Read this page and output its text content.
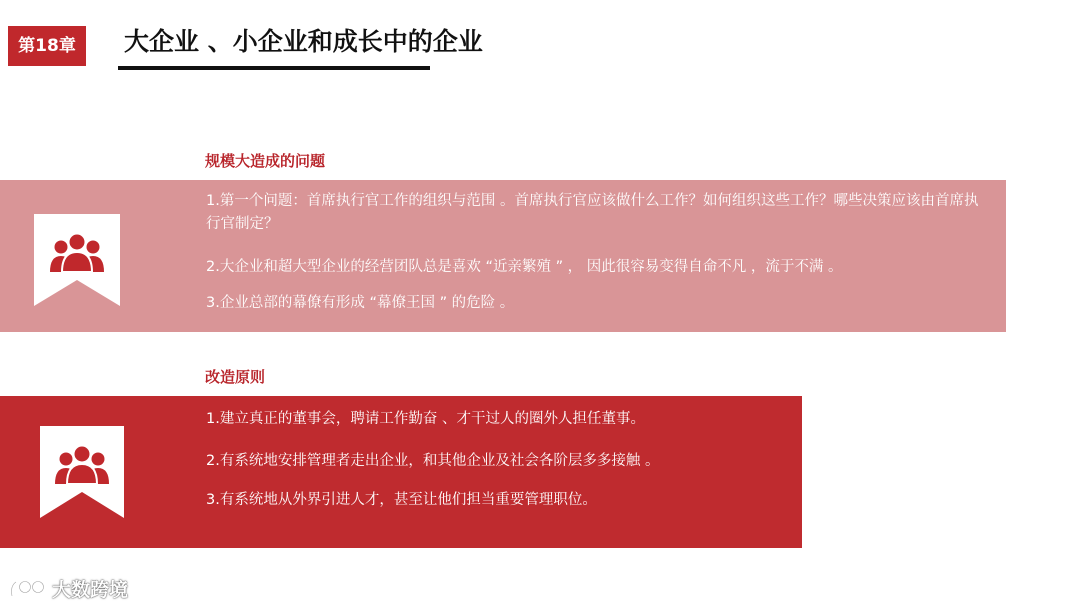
第18章	大企业 、小企业和成长中的企业
规模大造成的问题
1.第一个问题：首席执行官工作的组织与范围 。首席执行官应该做什么工作？如何组织这些工作？哪些决策应该由首席执行官制定？
2.大企业和超大型企业的经营团队总是喜欢 “近亲繁殖 ” ， 因此很容易变得自命不凡 ，流于不满 。
3.企业总部的幕僚有形成 “幕僚王国 ” 的危险 。
改造原则
1.建立真正的董事会，聘请工作勤奋 、才干过人的圈外人担任董事。
2.有系统地安排管理者走出企业，和其他企业及社会各阶层多多接触 。
3.有系统地从外界引进人才，甚至让他们担当重要管理职位。
大数跨境
